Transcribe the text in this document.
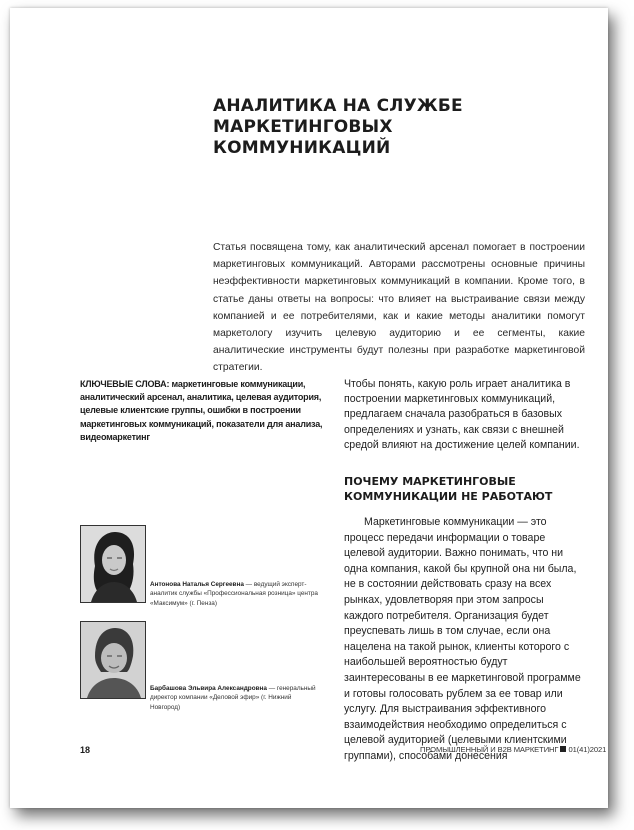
АНАЛИТИКА НА СЛУЖБЕ МАРКЕТИНГОВЫХ КОММУНИКАЦИЙ
Статья посвящена тому, как аналитический арсенал помогает в построении маркетинговых коммуникаций. Авторами рассмотрены основные причины неэффективности маркетинговых коммуникаций в компании. Кроме того, в статье даны ответы на вопросы: что влияет на выстраивание связи между компанией и ее потребителями, как и какие методы аналитики помогут маркетологу изучить целевую аудиторию и ее сегменты, какие аналитические инструменты будут полезны при разработке маркетинговой стратегии.
КЛЮЧЕВЫЕ СЛОВА: маркетинговые коммуникации, аналитический арсенал, аналитика, целевая аудитория, целевые клиентские группы, ошибки в построении маркетинговых коммуникаций, показатели для анализа, видеомаркетинг
Чтобы понять, какую роль играет аналитика в построении маркетинговых коммуникаций, предлагаем сначала разобраться в базовых определениях и узнать, как связи с внешней средой влияют на достижение целей компании.
ПОЧЕМУ МАРКЕТИНГОВЫЕ КОММУНИКАЦИИ НЕ РАБОТАЮТ
Маркетинговые коммуникации — это процесс передачи информации о товаре целевой аудитории. Важно понимать, что ни одна компания, какой бы крупной она ни была, не в состоянии действовать сразу на всех рынках, удовлетворяя при этом запросы каждого потребителя. Организация будет преуспевать лишь в том случае, если она нацелена на такой рынок, клиенты которого с наибольшей вероятностью будут заинтересованы в ее маркетинговой программе и готовы голосовать рублем за ее товар или услугу. Для выстраивания эффективного взаимодействия необходимо определиться с целевой аудиторией (целевыми клиентскими группами), способами донесения
Антонова Наталья Сергеевна — ведущий эксперт-аналитик службы «Профессиональная розница» центра «Максимум» (г. Пенза)
Барбашова Эльвира Александровна — генеральный директор компании «Деловой эфир» (г. Нижний Новгород)
18	ПРОМЫШЛЕННЫЙ И B2B МАРКЕТИНГ 01(41)2021
